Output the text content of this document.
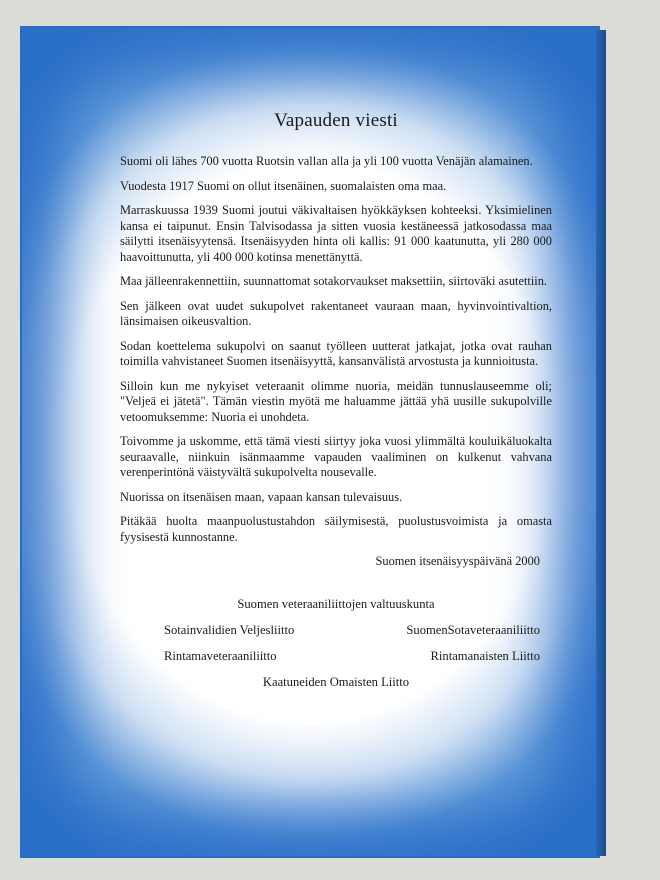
Vapauden viesti

Suomi oli lähes 700 vuotta Ruotsin vallan alla ja yli 100 vuotta Venäjän alamainen.

Vuodesta 1917 Suomi on ollut itsenäinen, suomalaisten oma maa.

Marraskuussa 1939 Suomi joutui väkivaltaisen hyökkäyksen kohteeksi. Yksimielinen kansa ei taipunut. Ensin Talvisodassa ja sitten vuosia kestäneessä jatkosodassa maa säilytti itsenäisyytensä. Itsenäisyyden hinta oli kallis: 91 000 kaatunutta, yli 280 000 haavoittunutta, yli 400 000 kotinsa menettänyttä.

Maa jälleenrakennettiin, suunnattomat sotakorvaukset maksettiin, siirtoväki asutettiin.

Sen jälkeen ovat uudet sukupolvet rakentaneet vauraan maan, hyvinvointivaltion, länsimaisen oikeusvaltion.

Sodan koettelema sukupolvi on saanut työlleen uutterat jatkajat, jotka ovat rauhan toimilla vahvistaneet Suomen itsenäisyyttä, kansanvälistä arvostusta ja kunnioitusta.

Silloin kun me nykyiset veteraanit olimme nuoria, meidän tunnuslauseemme oli; "Veljeä ei jätetä". Tämän viestin myötä me haluamme jättää yhä uusille sukupolville vetoomuksemme: Nuoria ei unohdeta.

Toivomme ja uskomme, että tämä viesti siirtyy joka vuosi ylimmältä kouluikäluokalta seuraavalle, niinkuin isänmaamme vapauden vaaliminen on kulkenut vahvana verenperintönä väistyvältä sukupolvelta nousevalle.

Nuorissa on itsenäisen maan, vapaan kansan tulevaisuus.

Pitäkää huolta maanpuolustustahdon säilymisestä, puolustusvoimista ja omasta fyysisestä kunnostanne.

Suomen itsenäisyyspäivänä 2000
Suomen veteraaniliittojen valtuuskunta
Sotainvalidien Veljesliitto	SuomenSotaveteraaniliitto
Rintamaveteraaniliitto	Rintamanaisten Liitto
Kaatuneiden Omaisten Liitto
